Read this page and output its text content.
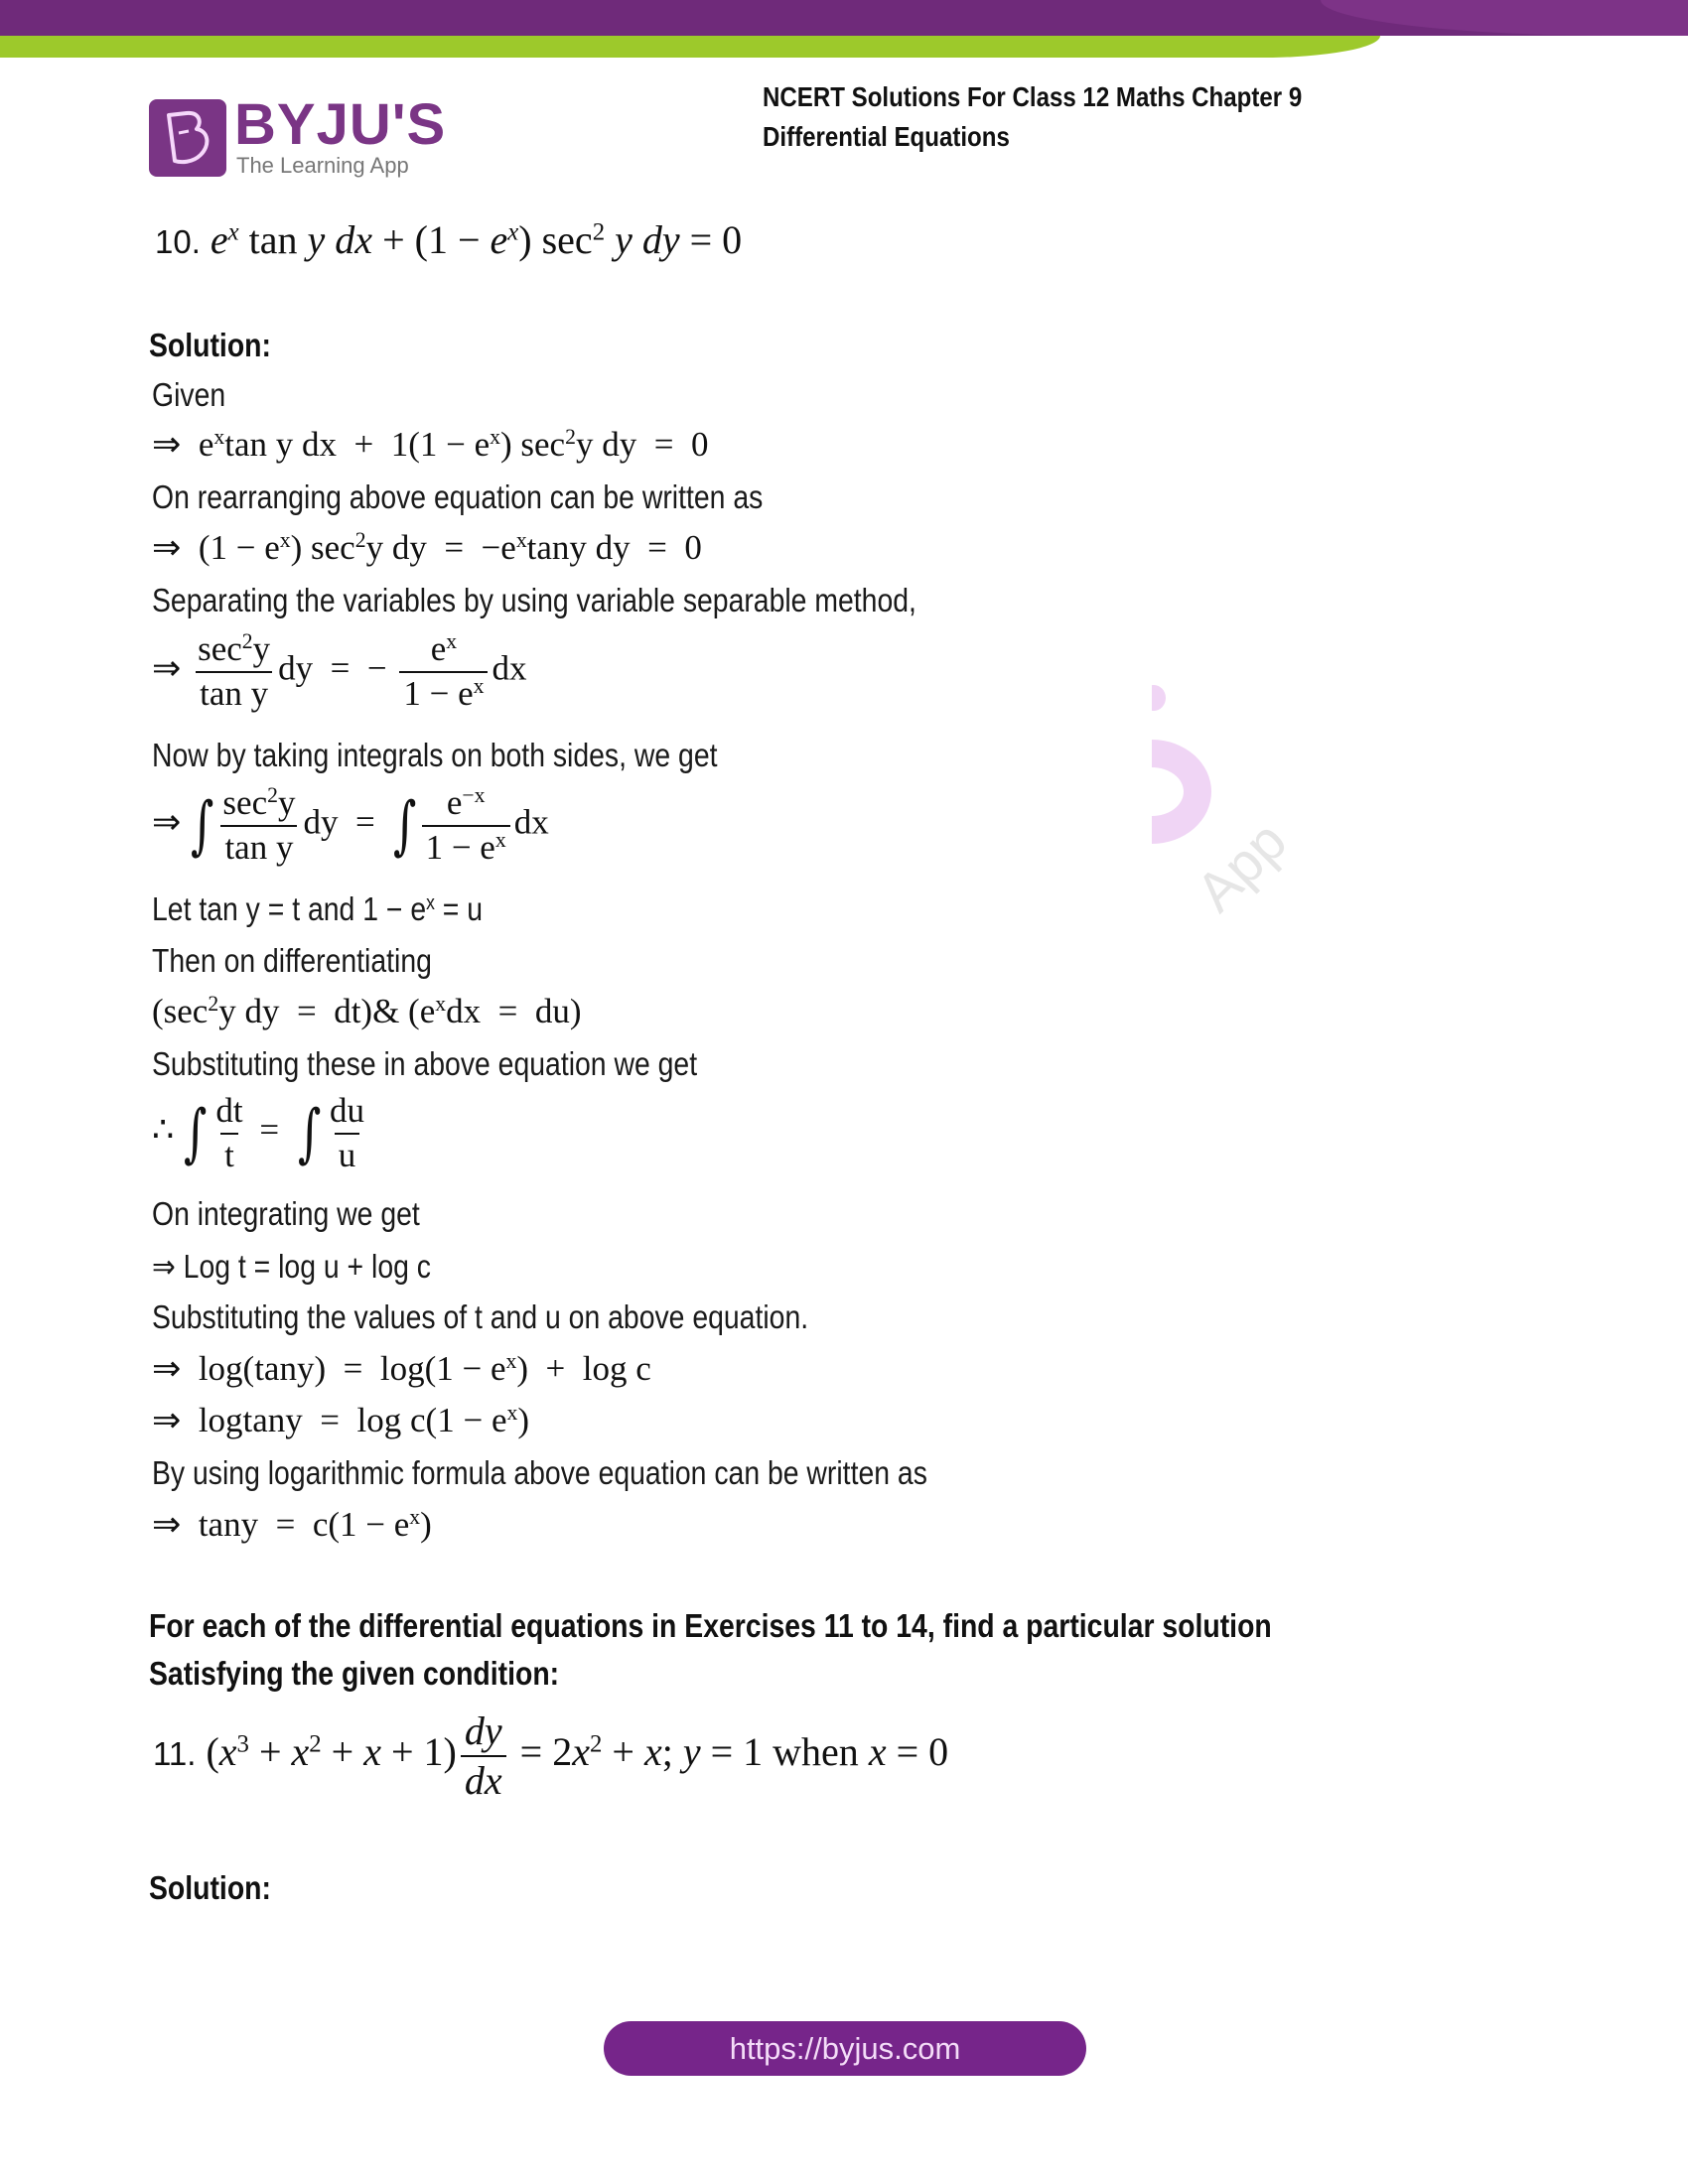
BYJU'S
The Learning App
NCERT Solutions For Class 12 Maths Chapter 9
Differential Equations
App
10. $e^x$ tan y dx + $(1 - e^x)$ $\sec^2 y$ dy = 0
Solution:
Given
⇒  $e^x\tan$ y dx  +  $1(1 - e^x)$ $\sec^2y$ dy  =  0
On rearranging above equation can be written as
⇒  $(1 - e^x)$ $\sec^2y$ dy  =  $-e^x\tan y$ dy  =  0
Separating the variables by using variable separable method,
⇒ $\frac{\sec^2y}{\text{tan y}}$ dy  =  − $\frac{e^x}{1 - e^x}$ dx
Now by taking integrals on both sides, we get
⇒ ∫ $\frac{\sec^2y}{\text{tan y}}$ dy  =  ∫ $\frac{e^{-x}}{1 - e^x}$ dx
Let tan y = t and $1 - e^x = u$
Then on differentiating
($\sec^2y$ dy  =  dt)& $(e^xdx = du)$
Substituting these in above equation we get
∴ ∫ $\frac{dt}{t}$ =  ∫ $\frac{du}{u}$
On integrating we get
⇒ Log t = log u + log c
Substituting the values of t and u on above equation.
⇒  $\log(\tan y) = \log(1 - e^x) + \log c$
⇒  $logtany = \log c(1 - e^x)$
By using logarithmic formula above equation can be written as
⇒  $\tan y = c(1 - e^x)$
For each of the differential equations in Exercises 11 to 14, find a particular solution
Satisfying the given condition:
11. $(x^3 + x^2 + x + 1) \frac{dy}{dx} = 2x^2 + x$; y = 1 when x = 0
Solution:
https://byjus.com
